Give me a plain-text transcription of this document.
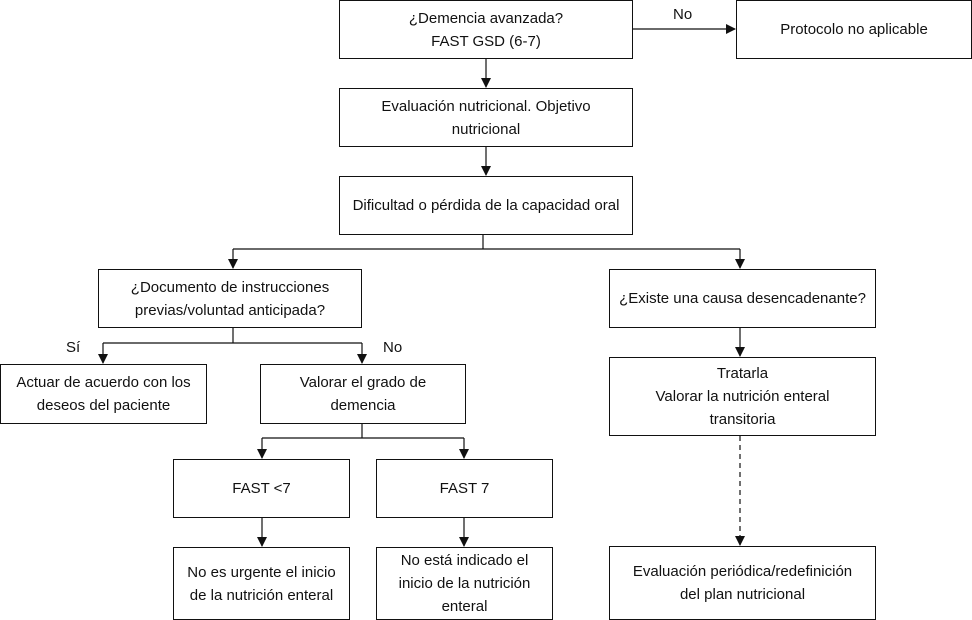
¿Demencia avanzada?
FAST GSD (6-7)
Protocolo no aplicable
Evaluación nutricional. Objetivo
nutricional
Dificultad o pérdida de la capacidad oral
¿Documento de instrucciones
previas/voluntad anticipada?
¿Existe una causa desencadenante?
Actuar de acuerdo con los
deseos del paciente
Valorar el grado de
demencia
Tratarla
Valorar la nutrición enteral
transitoria
FAST <7	FAST 7
No es urgente el inicio
de la nutrición enteral
No está indicado el
inicio de la nutrición
enteral
Evaluación periódica/redefinición
del plan nutricional
No
Sí	No
